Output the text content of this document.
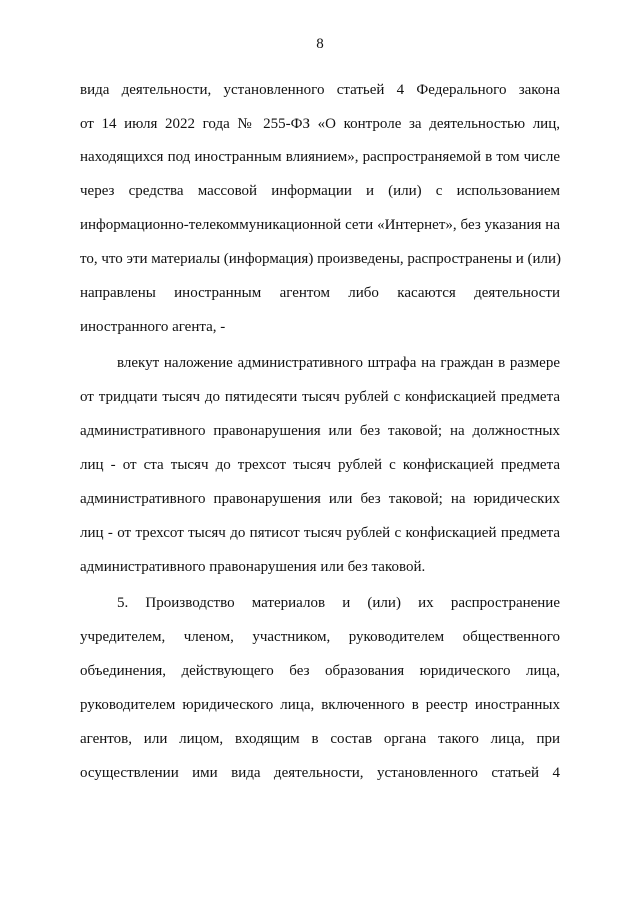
8
вида деятельности, установленного статьей 4 Федерального закона
от 14 июля 2022 года № 255-ФЗ «О контроле за деятельностью лиц,
находящихся под иностранным влиянием», распространяемой в том числе
через средства массовой информации и (или) с использованием
информационно-телекоммуникационной сети «Интернет», без указания на
то, что эти материалы (информация) произведены, распространены и (или)
направлены иностранным агентом либо касаются деятельности
иностранного агента, -
влекут наложение административного штрафа на граждан в размере
от тридцати тысяч до пятидесяти тысяч рублей с конфискацией предмета
административного правонарушения или без таковой; на должностных
лиц - от ста тысяч до трехсот тысяч рублей с конфискацией предмета
административного правонарушения или без таковой; на юридических
лиц - от трехсот тысяч до пятисот тысяч рублей с конфискацией предмета
административного правонарушения или без таковой.
5. Производство материалов и (или) их распространение
учредителем, членом, участником, руководителем общественного
объединения, действующего без образования юридического лица,
руководителем юридического лица, включенного в реестр иностранных
агентов, или лицом, входящим в состав органа такого лица, при
осуществлении ими вида деятельности, установленного статьей 4
